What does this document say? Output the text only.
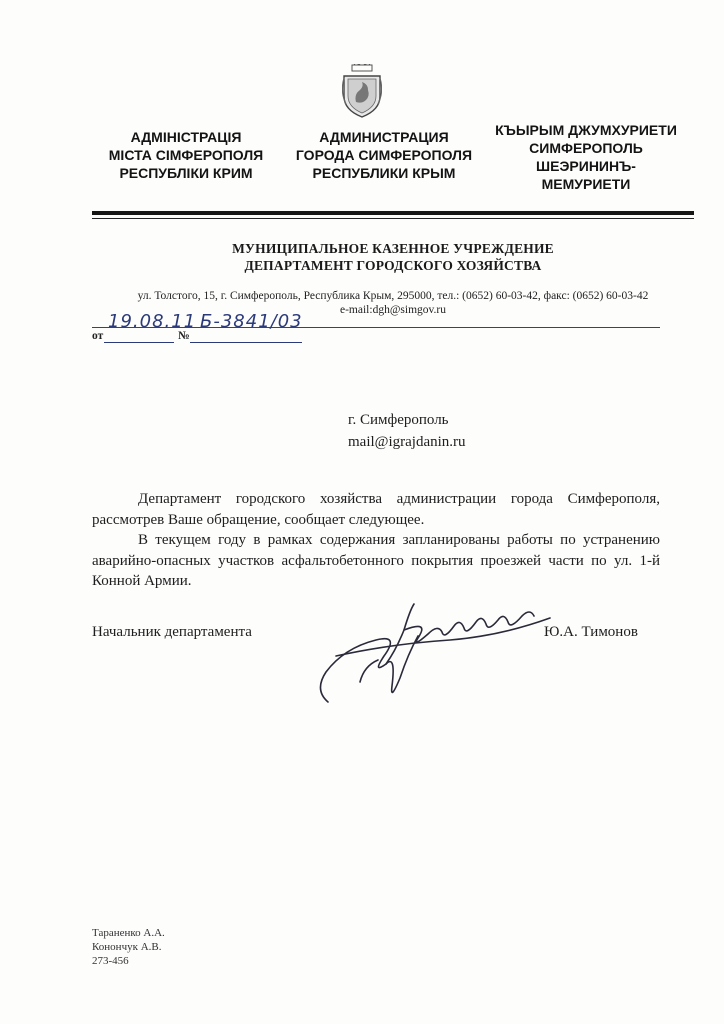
АДМІНІСТРАЦІЯ
МІСТА СІМФЕРОПОЛЯ
РЕСПУБЛІКИ КРИМ
АДМИНИСТРАЦИЯ
ГОРОДА СИМФЕРОПОЛЯ
РЕСПУБЛИКИ КРЫМ
КЪЫРЫМ ДЖУМХУРИЕТИ
СИМФЕРОПОЛЬ
ШЕЭРИНИНЪ-
МЕМУРИЕТИ
МУНИЦИПАЛЬНОЕ КАЗЕННОЕ УЧРЕЖДЕНИЕ
ДЕПАРТАМЕНТ ГОРОДСКОГО ХОЗЯЙСТВА
ул. Толстого, 15, г. Симферополь, Республика Крым, 295000, тел.: (0652) 60-03-42, факс: (0652) 60-03-42
e-mail:dgh@simgov.ru
от	№
19.08.11 Б-3841/03
г. Симферополь
mail@igrajdanin.ru
Департамент городского хозяйства администрации города Симферополя, рассмотрев Ваше обращение, сообщает следующее.
В текущем году в рамках содержания запланированы работы по устранению аварийно-опасных участков асфальтобетонного покрытия проезжей части по ул. 1-й Конной Армии.
Начальник департамента	Ю.А. Тимонов
Тараненко А.А.
Конончук А.В.
273-456
